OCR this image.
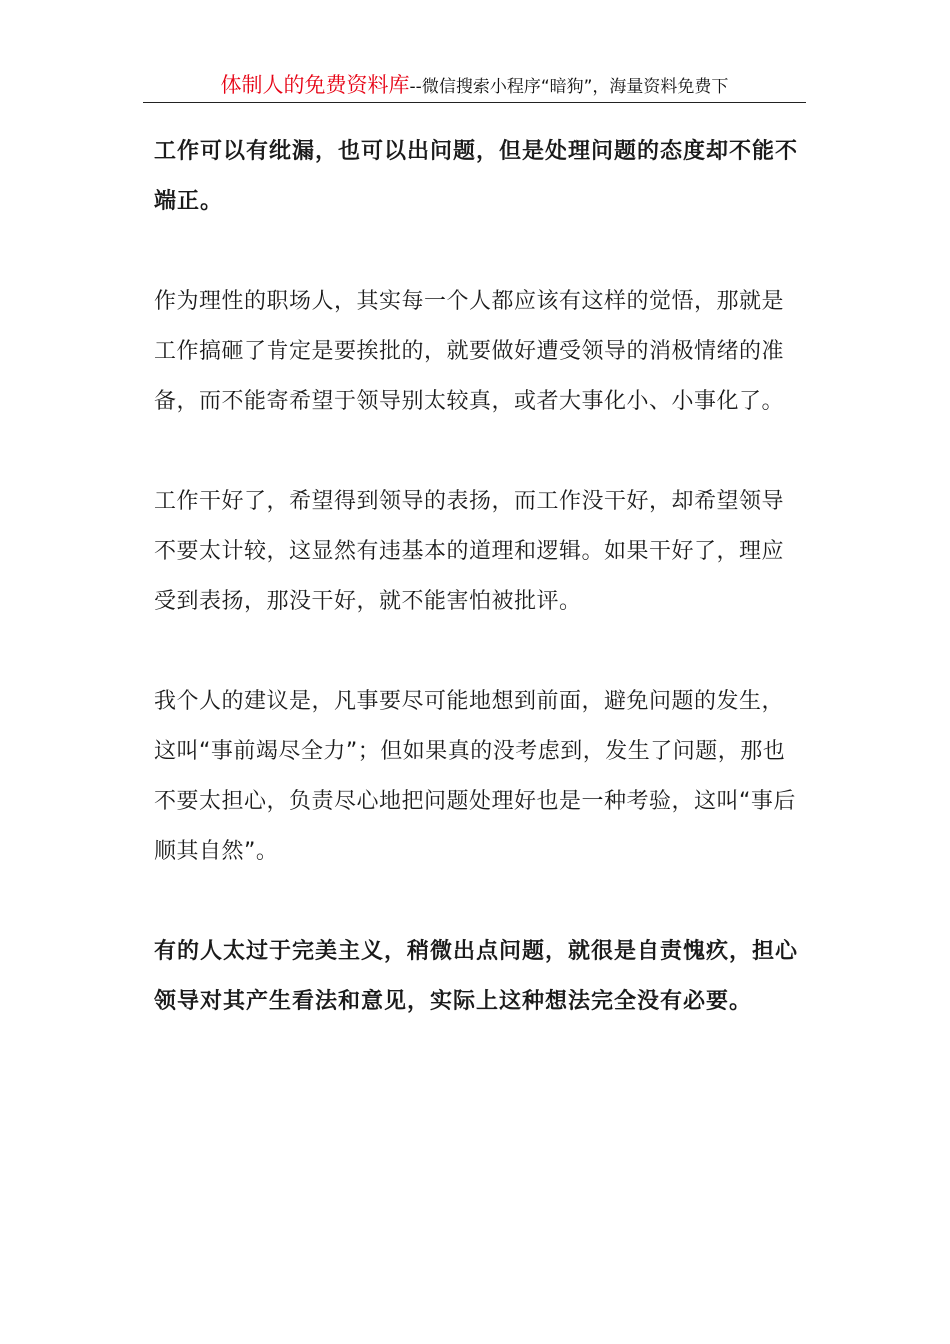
体制人的免费资料库--微信搜索小程序“暗狗”，海量资料免费下

工作可以有纰漏，也可以出问题，但是处理问题的态度却不能不端正。

作为理性的职场人，其实每一个人都应该有这样的觉悟，那就是工作搞砸了肯定是要挨批的，就要做好遭受领导的消极情绪的准备，而不能寄希望于领导别太较真，或者大事化小、小事化了。

工作干好了，希望得到领导的表扬，而工作没干好，却希望领导不要太计较，这显然有违基本的道理和逻辑。如果干好了，理应受到表扬，那没干好，就不能害怕被批评。

我个人的建议是，凡事要尽可能地想到前面，避免问题的发生，这叫“事前竭尽全力”；但如果真的没考虑到，发生了问题，那也不要太担心，负责尽心地把问题处理好也是一种考验，这叫“事后顺其自然”。

有的人太过于完美主义，稍微出点问题，就很是自责愧疚，担心领导对其产生看法和意见，实际上这种想法完全没有必要。
